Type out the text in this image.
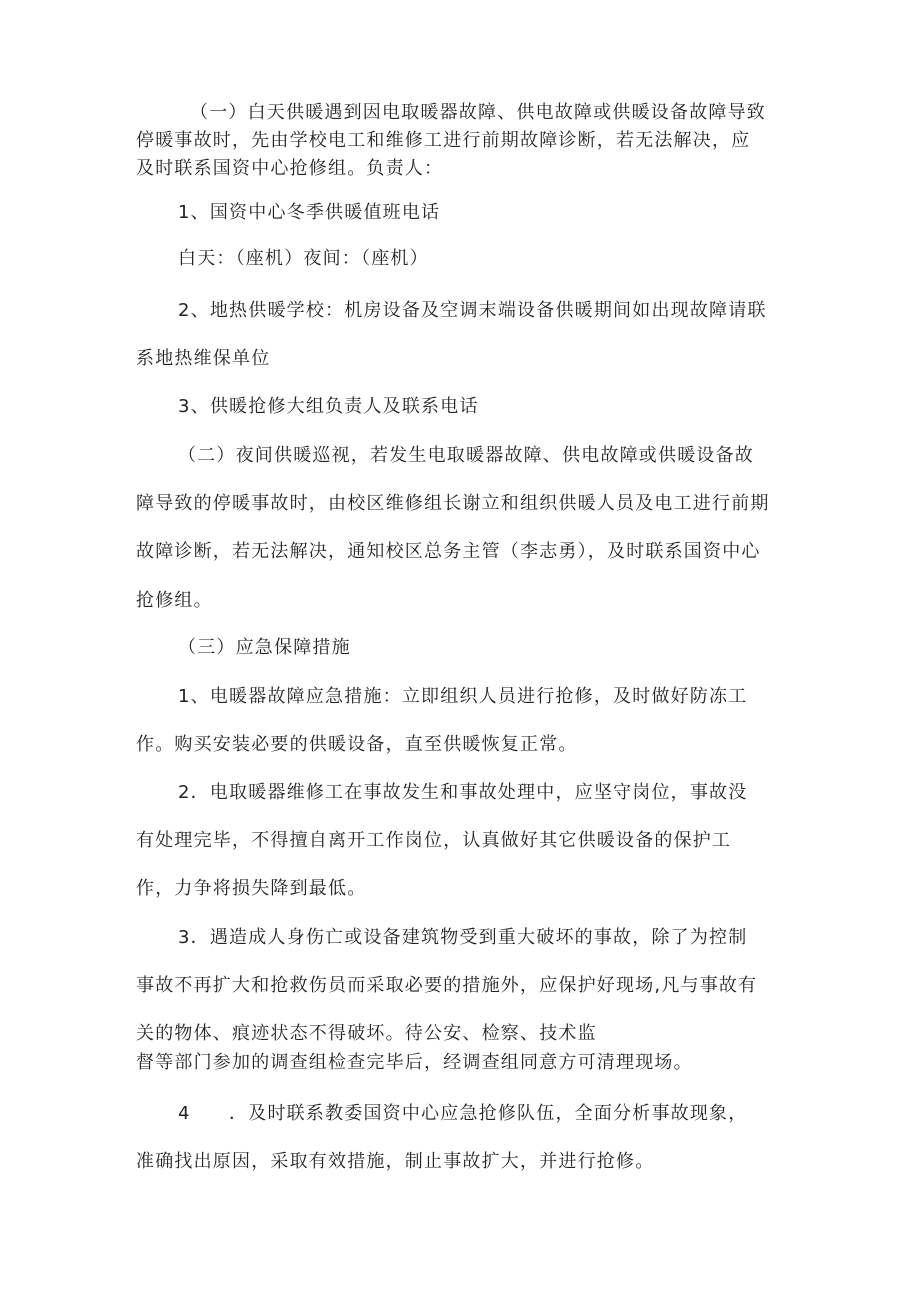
（一）白天供暖遇到因电取暖器故障、供电故障或供暖设备故障导致
停暖事故时，先由学校电工和维修工进行前期故障诊断，若无法解决，应
及时联系国资中心抢修组。负责人：
1、国资中心冬季供暖值班电话
白天：（座机）夜间：（座机）
2、地热供暖学校：机房设备及空调末端设备供暖期间如出现故障请联
系地热维保单位
3、供暖抢修大组负责人及联系电话
（二）夜间供暖巡视，若发生电取暖器故障、供电故障或供暖设备故
障导致的停暖事故时，由校区维修组长谢立和组织供暖人员及电工进行前期
故障诊断，若无法解决，通知校区总务主管（李志勇），及时联系国资中心
抢修组。
（三）应急保障措施
1、电暖器故障应急措施：立即组织人员进行抢修，及时做好防冻工
作。购买安装必要的供暖设备，直至供暖恢复正常。
2．电取暖器维修工在事故发生和事故处理中，应坚守岗位，事故没
有处理完毕，不得擅自离开工作岗位，认真做好其它供暖设备的保护工
作，力争将损失降到最低。
3．遇造成人身伤亡或设备建筑物受到重大破坏的事故，除了为控制
事故不再扩大和抢救伤员而采取必要的措施外，应保护好现场,凡与事故有
关的物体、痕迹状态不得破坏。待公安、检察、技术监
督等部门参加的调查组检查完毕后，经调查组同意方可清理现场。
4　　．及时联系教委国资中心应急抢修队伍，全面分析事故现象，
准确找出原因，采取有效措施，制止事故扩大，并进行抢修。
